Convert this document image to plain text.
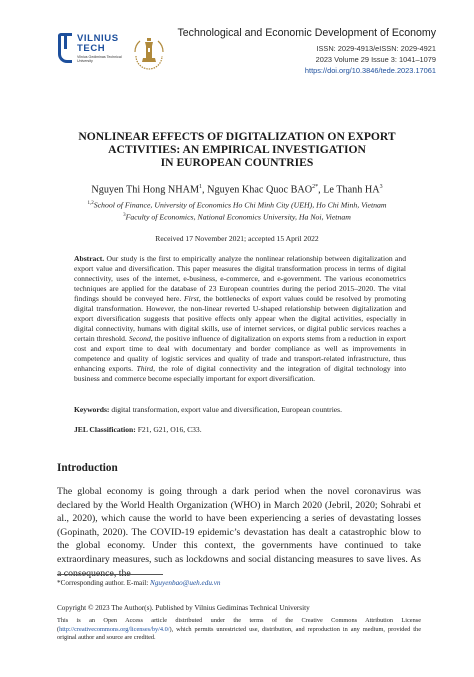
VILNIUS
TECH
Vilnius Gediminas Technical University
Technological and Economic Development of Economy
ISSN: 2029-4913/eISSN: 2029-4921
2023 Volume 29 Issue 3: 1041–1079
https://doi.org/10.3846/tede.2023.17061
NONLINEAR EFFECTS OF DIGITALIZATION ON EXPORT
ACTIVITIES: AN EMPIRICAL INVESTIGATION
IN EUROPEAN COUNTRIES
Nguyen Thi Hong NHAM$^1$, Nguyen Khac Quoc $BAO^{2*}$, Le Thanh $HA^3$
$^{1,2}$School of Finance, University of Economics Ho Chi Minh City (UEH), Ho Chi Minh, Vietnam
$^3$Faculty of Economics, National Economics University, Ha Noi, Vietnam
Received 17 November 2021; accepted 15 April 2022

Abstract. Our study is the first to empirically analyze the nonlinear relationship between digitalization and export value and diversification. This paper measures the digital transformation process in terms of digital connectivity, uses of the internet, e-business, e-commerce, and e-government. The various econometrics techniques are applied for the database of 23 European countries during the period 2015–2020. The vital findings should be conveyed here. First, the bottlenecks of export values could be resolved by promoting digital transformation. However, the non-linear reverted U-shaped relationship between digitalization and export diversification suggests that positive effects only appear when the digital activities, especially in digital connectivity, humans with digital skills, use of internet services, or digital public services reaches a certain threshold. Second, the positive influence of digitalization on exports stems from a reduction in export cost and export time to deal with documentary and border compliance as well as improvements in competence and quality of logistic services and quality of trade and transport-related infrastructure, thus enhancing exports. Third, the role of digital connectivity and the integration of digital technology into business and commerce become especially important for export diversification.

Keywords: digital transformation, export value and diversification, European countries.
JEL Classification: F21, G21, O16, C33.
Introduction

The global economy is going through a dark period when the novel coronavirus was declared by the World Health Organization (WHO) in March 2020 (Jebril, 2020; Sohrabi et al., 2020), which cause the world to have been experiencing a series of devastating losses (Gopinath, 2020). The COVID-19 epidemic’s devastation has dealt a catastrophic blow to the global economy. Under this context, the governments have continued to take extraordinary measures, such as lockdowns and social distancing measures to save lives. As a consequence, the

*Corresponding author. E-mail: Nguyenbao@ueh.edu.vn
Copyright © 2023 The Author(s). Published by Vilnius Gediminas Technical University
This is an Open Access article distributed under the terms of the Creative Commons Attribution License (http://creativecommons.org/licenses/by/4.0/), which permits unrestricted use, distribution, and reproduction in any medium, provided the original author and source are credited.
